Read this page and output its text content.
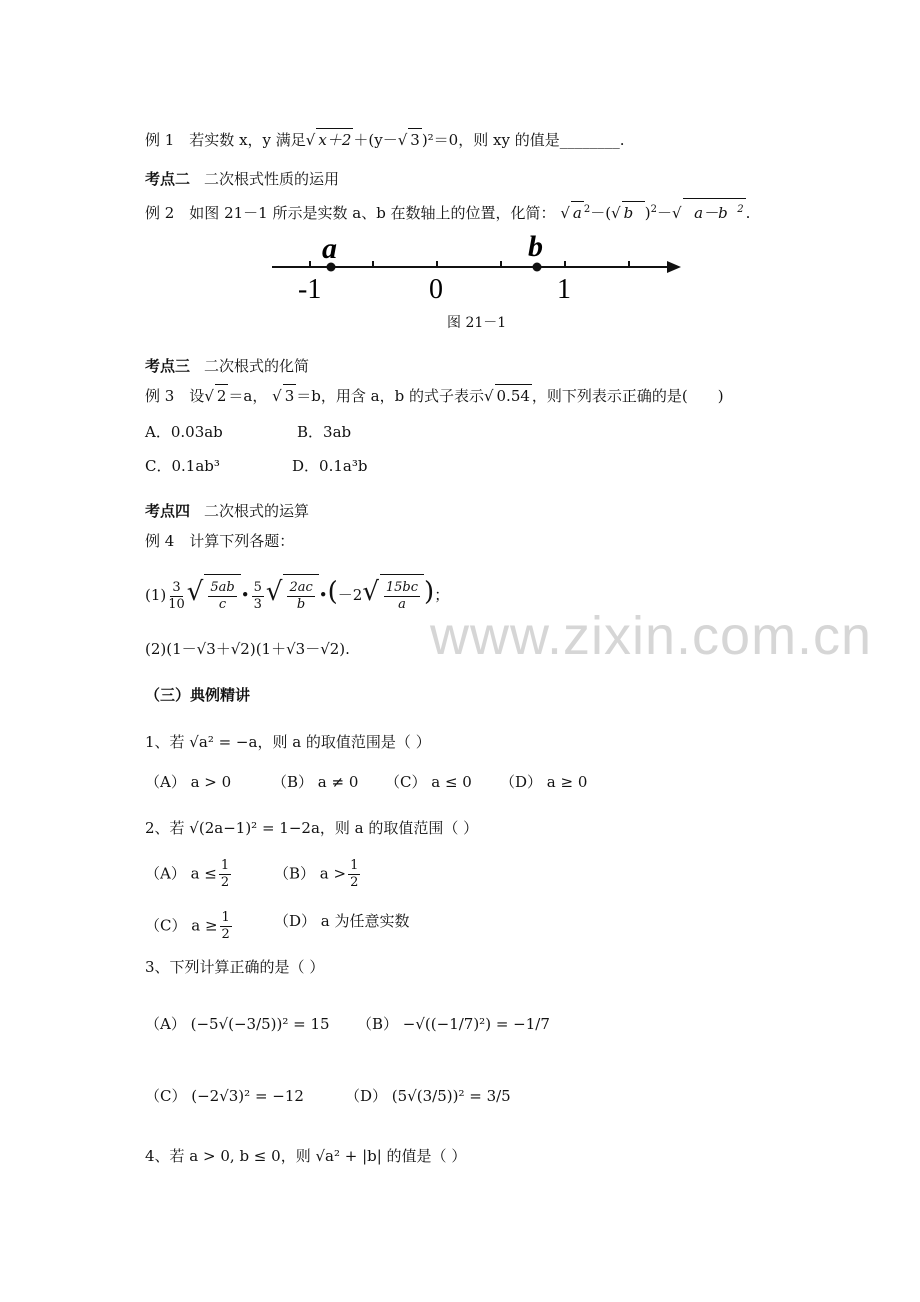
www.zixin.com.cn
例 1　若实数 x，y 满足√ x＋2 ＋(y－√ 3 )²＝0，则 xy 的值是________.
考点二 二次根式性质的运用
例 2　如图 21－1 所示是实数 a、b 在数轴上的位置，化简： √ a $^2$－(√ b  )$^2$－√  a－b  $^2$ .
a	b
-1	0	1
图 21－1
考点三 二次根式的化简
例 3　设√ 2 ＝a， √ 3 ＝b，用含 a，b 的式子表示√ 0.54 ，则下列表示正确的是(　　)
A．0.03ab	B．3ab
C．0.1ab³	D．0.1a³b
考点四 二次根式的运算
例 4　计算下列各题：
$(1) \frac{3}{10}$ √ $\frac{5ab}{c}$ • $\frac{5}{3}$ √ $\frac{2ac}{b}$ •(－2√ $\frac{15bc}{a}$ )；
(2)(1－√3＋√2)(1＋√3－√2).
（三）典例精讲
1、若 √a² = −a，则 a 的取值范围是（ ）
（A） a > 0	（B） a ≠ 0 （C） a ≤ 0 （D） a ≥ 0
2、若 √(2a−1)² = 1−2a，则 a 的取值范围（ ）
（A） $a \le \frac{1}{2}$	（B） $a > \frac{1}{2}$
（C） $a \ge \frac{1}{2}$	（D） a 为任意实数
3、下列计算正确的是（ ）
（A） (−5√(−3/5))² = 15 （B） −√((−1/7)²) = −1/7
（C） (−2√3)² = −12	（D） (5√(3/5))² = 3/5
4、若 a > 0, b ≤ 0，则 √a² + |b| 的值是（ ）
